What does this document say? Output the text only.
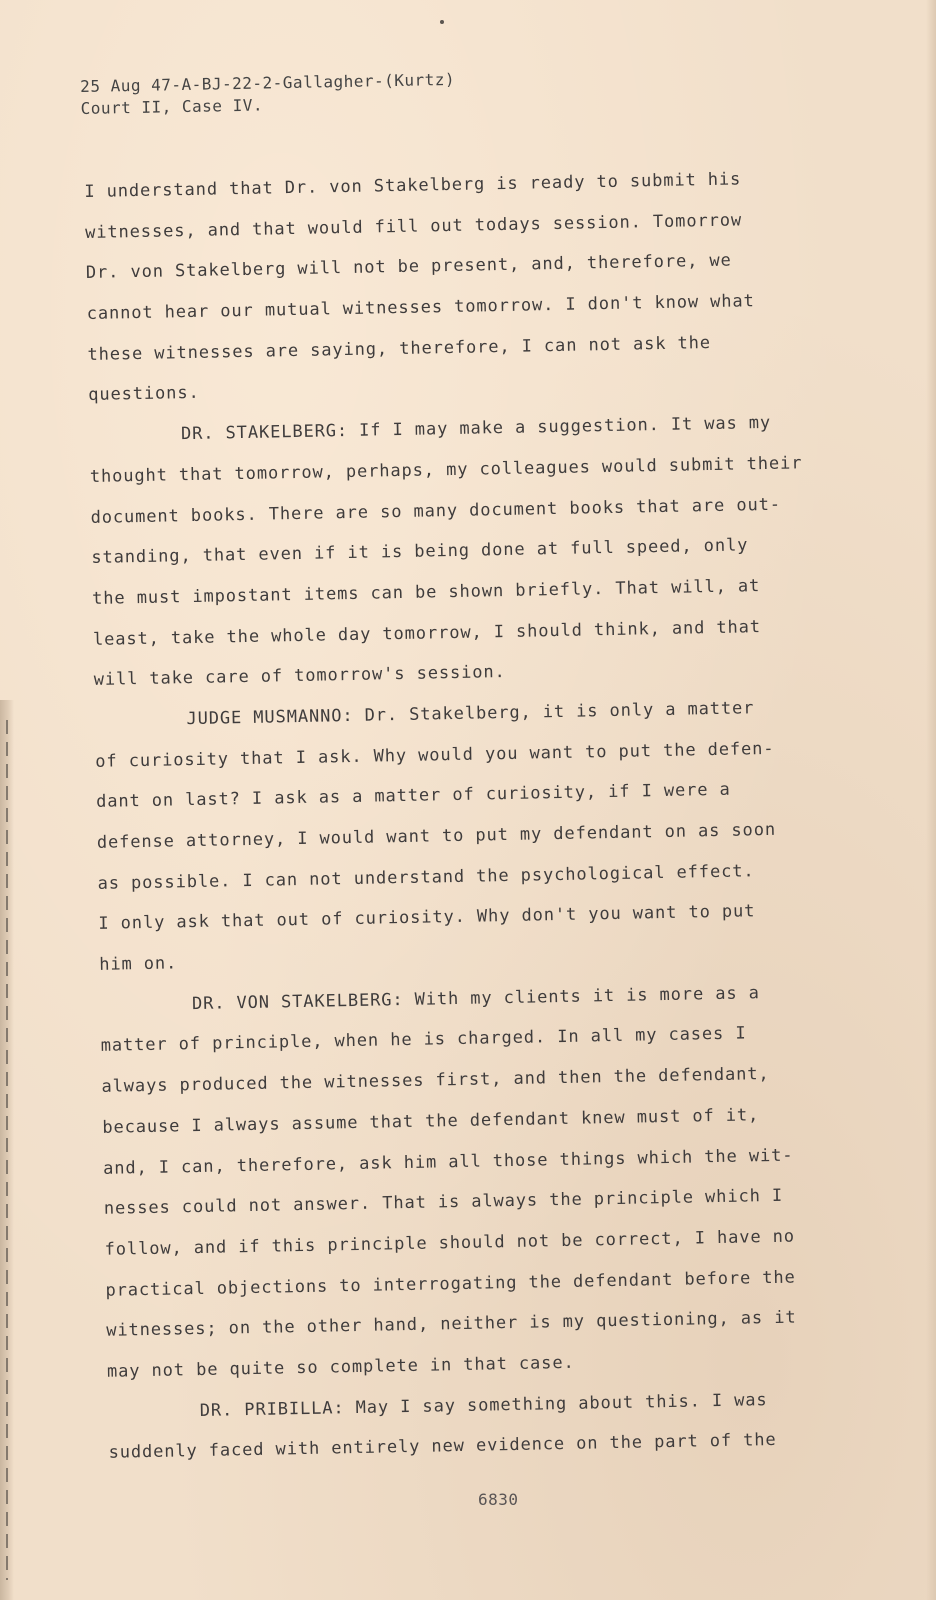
25 Aug 47-A-BJ-22-2-Gallagher-(Kurtz)
Court II, Case IV.
I understand that Dr. von Stakelberg is ready to submit his
witnesses, and that would fill out todays session. Tomorrow
Dr. von Stakelberg will not be present, and, therefore, we
cannot hear our mutual witnesses tomorrow. I don't know what
these witnesses are saying, therefore, I can not ask the
questions.
DR. STAKELBERG: If I may make a suggestion. It was my
thought that tomorrow, perhaps, my colleagues would submit their
document books. There are so many document books that are out-
standing, that even if it is being done at full speed, only
the must impostant items can be shown briefly. That will, at
least, take the whole day tomorrow, I should think, and that
will take care of tomorrow's session.
JUDGE MUSMANNO: Dr. Stakelberg, it is only a matter
of curiosity that I ask. Why would you want to put the defen-
dant on last? I ask as a matter of curiosity, if I were a
defense attorney, I would want to put my defendant on as soon
as possible. I can not understand the psychological effect.
I only ask that out of curiosity. Why don't you want to put
him on.
DR. VON STAKELBERG: With my clients it is more as a
matter of principle, when he is charged. In all my cases I
always produced the witnesses first, and then the defendant,
because I always assume that the defendant knew must of it,
and, I can, therefore, ask him all those things which the wit-
nesses could not answer. That is always the principle which I
follow, and if this principle should not be correct, I have no
practical objections to interrogating the defendant before the
witnesses; on the other hand, neither is my questioning, as it
may not be quite so complete in that case.
DR. PRIBILLA: May I say something about this. I was
suddenly faced with entirely new evidence on the part of the
6830
